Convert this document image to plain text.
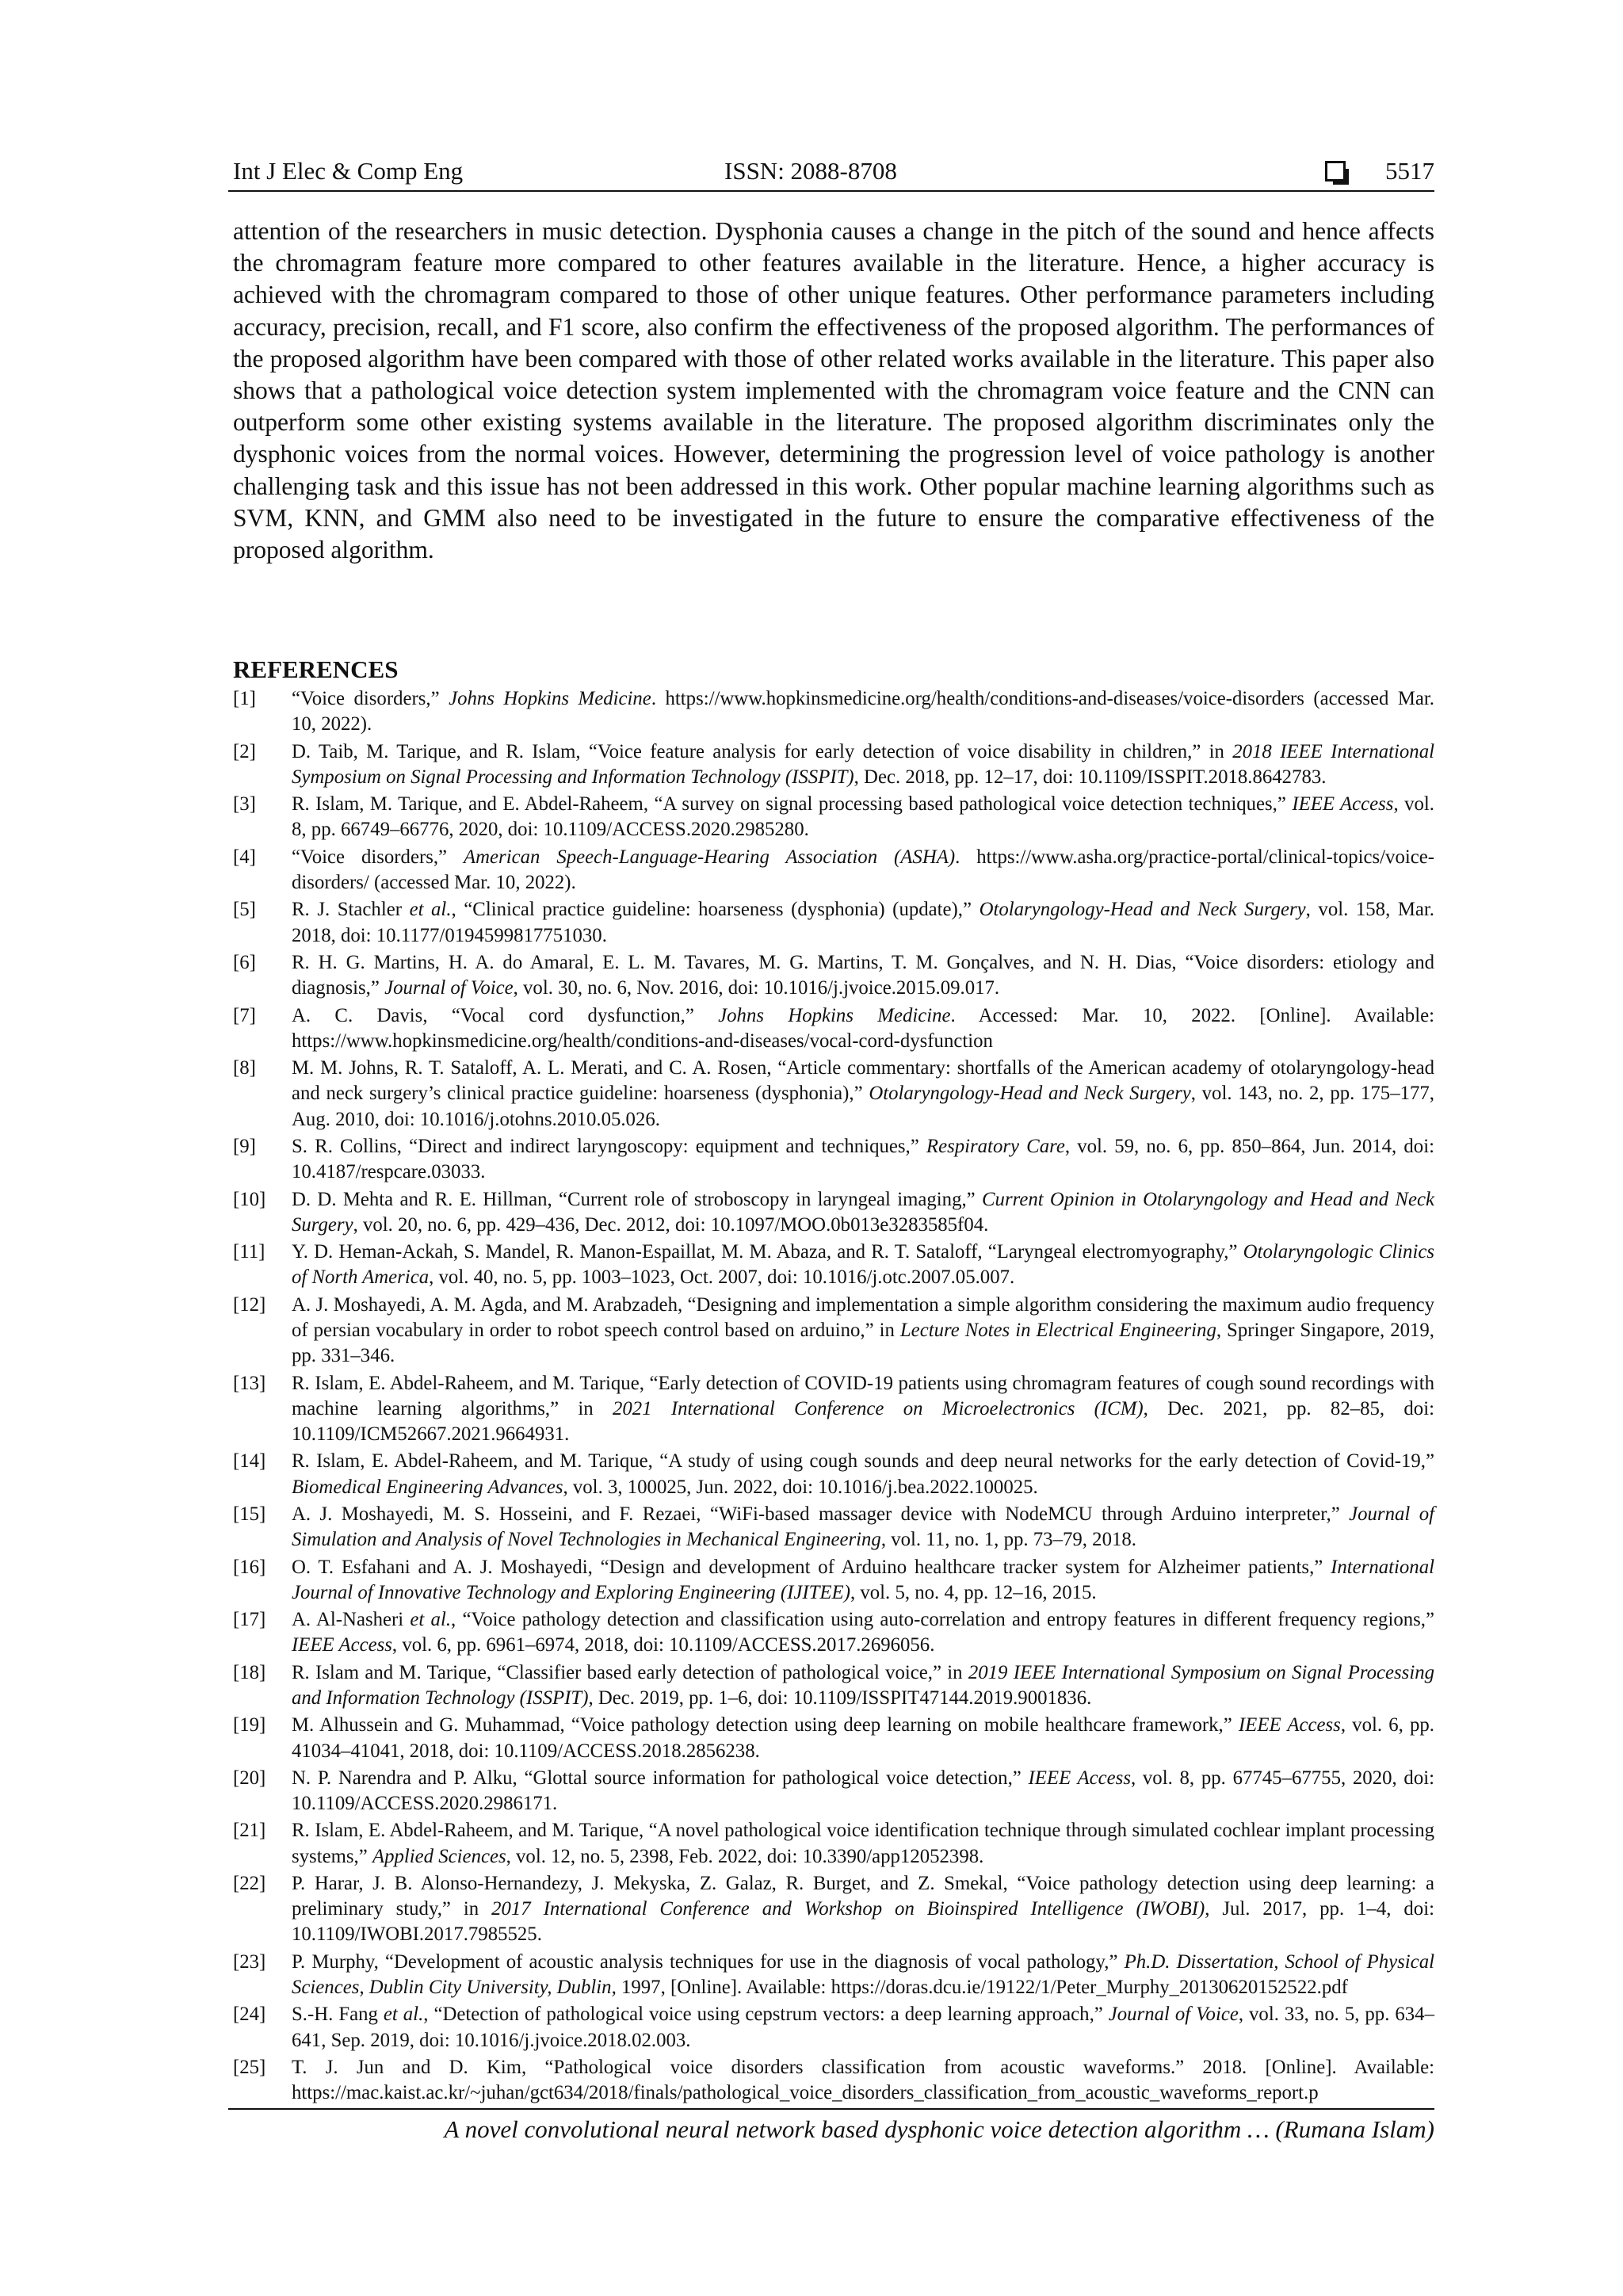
Int J Elec & Comp Eng	ISSN: 2088-8708	5517

attention of the researchers in music detection. Dysphonia causes a change in the pitch of the sound and hence affects the chromagram feature more compared to other features available in the literature. Hence, a higher accuracy is achieved with the chromagram compared to those of other unique features. Other performance parameters including accuracy, precision, recall, and F1 score, also confirm the effectiveness of the proposed algorithm. The performances of the proposed algorithm have been compared with those of other related works available in the literature. This paper also shows that a pathological voice detection system implemented with the chromagram voice feature and the CNN can outperform some other existing systems available in the literature. The proposed algorithm discriminates only the dysphonic voices from the normal voices. However, determining the progression level of voice pathology is another challenging task and this issue has not been addressed in this work. Other popular machine learning algorithms such as SVM, KNN, and GMM also need to be investigated in the future to ensure the comparative effectiveness of the proposed algorithm.

REFERENCES
[1] “Voice disorders,” Johns Hopkins Medicine. https://www.hopkinsmedicine.org/health/conditions-and-diseases/voice-disorders (accessed Mar. 10, 2022).
[2] D. Taib, M. Tarique, and R. Islam, “Voice feature analysis for early detection of voice disability in children,” in 2018 IEEE International Symposium on Signal Processing and Information Technology (ISSPIT), Dec. 2018, pp. 12–17, doi: 10.1109/ISSPIT.2018.8642783.
[3] R. Islam, M. Tarique, and E. Abdel-Raheem, “A survey on signal processing based pathological voice detection techniques,” IEEE Access, vol. 8, pp. 66749–66776, 2020, doi: 10.1109/ACCESS.2020.2985280.
[4] “Voice disorders,” American Speech-Language-Hearing Association (ASHA). https://www.asha.org/practice-portal/clinical-topics/voice-disorders/ (accessed Mar. 10, 2022).
[5] R. J. Stachler et al., “Clinical practice guideline: hoarseness (dysphonia) (update),” Otolaryngology-Head and Neck Surgery, vol. 158, Mar. 2018, doi: 10.1177/0194599817751030.
[6] R. H. G. Martins, H. A. do Amaral, E. L. M. Tavares, M. G. Martins, T. M. Gonçalves, and N. H. Dias, “Voice disorders: etiology and diagnosis,” Journal of Voice, vol. 30, no. 6, Nov. 2016, doi: 10.1016/j.jvoice.2015.09.017.
[7] A. C. Davis, “Vocal cord dysfunction,” Johns Hopkins Medicine. Accessed: Mar. 10, 2022. [Online]. Available: https://www.hopkinsmedicine.org/health/conditions-and-diseases/vocal-cord-dysfunction
[8] M. M. Johns, R. T. Sataloff, A. L. Merati, and C. A. Rosen, “Article commentary: shortfalls of the American academy of otolaryngology-head and neck surgery’s clinical practice guideline: hoarseness (dysphonia),” Otolaryngology-Head and Neck Surgery, vol. 143, no. 2, pp. 175–177, Aug. 2010, doi: 10.1016/j.otohns.2010.05.026.
[9] S. R. Collins, “Direct and indirect laryngoscopy: equipment and techniques,” Respiratory Care, vol. 59, no. 6, pp. 850–864, Jun. 2014, doi: 10.4187/respcare.03033.
[10] D. D. Mehta and R. E. Hillman, “Current role of stroboscopy in laryngeal imaging,” Current Opinion in Otolaryngology and Head and Neck Surgery, vol. 20, no. 6, pp. 429–436, Dec. 2012, doi: 10.1097/MOO.0b013e3283585f04.
[11] Y. D. Heman-Ackah, S. Mandel, R. Manon-Espaillat, M. M. Abaza, and R. T. Sataloff, “Laryngeal electromyography,” Otolaryngologic Clinics of North America, vol. 40, no. 5, pp. 1003–1023, Oct. 2007, doi: 10.1016/j.otc.2007.05.007.
[12] A. J. Moshayedi, A. M. Agda, and M. Arabzadeh, “Designing and implementation a simple algorithm considering the maximum audio frequency of persian vocabulary in order to robot speech control based on arduino,” in Lecture Notes in Electrical Engineering, Springer Singapore, 2019, pp. 331–346.
[13] R. Islam, E. Abdel-Raheem, and M. Tarique, “Early detection of COVID-19 patients using chromagram features of cough sound recordings with machine learning algorithms,” in 2021 International Conference on Microelectronics (ICM), Dec. 2021, pp. 82–85, doi: 10.1109/ICM52667.2021.9664931.
[14] R. Islam, E. Abdel-Raheem, and M. Tarique, “A study of using cough sounds and deep neural networks for the early detection of Covid-19,” Biomedical Engineering Advances, vol. 3, 100025, Jun. 2022, doi: 10.1016/j.bea.2022.100025.
[15] A. J. Moshayedi, M. S. Hosseini, and F. Rezaei, “WiFi-based massager device with NodeMCU through Arduino interpreter,” Journal of Simulation and Analysis of Novel Technologies in Mechanical Engineering, vol. 11, no. 1, pp. 73–79, 2018.
[16] O. T. Esfahani and A. J. Moshayedi, “Design and development of Arduino healthcare tracker system for Alzheimer patients,” International Journal of Innovative Technology and Exploring Engineering (IJITEE), vol. 5, no. 4, pp. 12–16, 2015.
[17] A. Al-Nasheri et al., “Voice pathology detection and classification using auto-correlation and entropy features in different frequency regions,” IEEE Access, vol. 6, pp. 6961–6974, 2018, doi: 10.1109/ACCESS.2017.2696056.
[18] R. Islam and M. Tarique, “Classifier based early detection of pathological voice,” in 2019 IEEE International Symposium on Signal Processing and Information Technology (ISSPIT), Dec. 2019, pp. 1–6, doi: 10.1109/ISSPIT47144.2019.9001836.
[19] M. Alhussein and G. Muhammad, “Voice pathology detection using deep learning on mobile healthcare framework,” IEEE Access, vol. 6, pp. 41034–41041, 2018, doi: 10.1109/ACCESS.2018.2856238.
[20] N. P. Narendra and P. Alku, “Glottal source information for pathological voice detection,” IEEE Access, vol. 8, pp. 67745–67755, 2020, doi: 10.1109/ACCESS.2020.2986171.
[21] R. Islam, E. Abdel-Raheem, and M. Tarique, “A novel pathological voice identification technique through simulated cochlear implant processing systems,” Applied Sciences, vol. 12, no. 5, 2398, Feb. 2022, doi: 10.3390/app12052398.
[22] P. Harar, J. B. Alonso-Hernandezy, J. Mekyska, Z. Galaz, R. Burget, and Z. Smekal, “Voice pathology detection using deep learning: a preliminary study,” in 2017 International Conference and Workshop on Bioinspired Intelligence (IWOBI), Jul. 2017, pp. 1–4, doi: 10.1109/IWOBI.2017.7985525.
[23] P. Murphy, “Development of acoustic analysis techniques for use in the diagnosis of vocal pathology,” Ph.D. Dissertation, School of Physical Sciences, Dublin City University, Dublin, 1997, [Online]. Available: https://doras.dcu.ie/19122/1/Peter_Murphy_20130620152522.pdf
[24] S.-H. Fang et al., “Detection of pathological voice using cepstrum vectors: a deep learning approach,” Journal of Voice, vol. 33, no. 5, pp. 634–641, Sep. 2019, doi: 10.1016/j.jvoice.2018.02.003.
[25] T. J. Jun and D. Kim, “Pathological voice disorders classification from acoustic waveforms.” 2018. [Online]. Available: https://mac.kaist.ac.kr/~juhan/gct634/2018/finals/pathological_voice_disorders_classification_from_acoustic_waveforms_report.p
A novel convolutional neural network based dysphonic voice detection algorithm … (Rumana Islam)
